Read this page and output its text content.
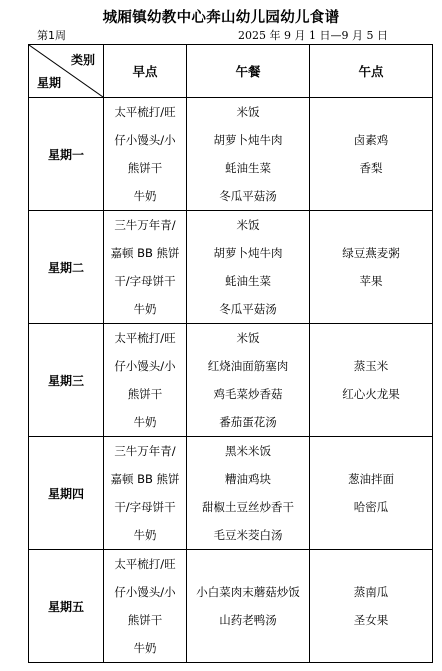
城厢镇幼教中心奔山幼儿园幼儿食谱
第1周	2025 年 9 月 1 日—9 月 5 日
类别
星期	早点	午餐	午点
星期一	太平梳打/旺
仔小馒头/小
熊饼干
牛奶	米饭
胡萝卜炖牛肉
蚝油生菜
冬瓜平菇汤	卤素鸡
香梨

星期二	三牛万年青/
嘉顿 BB 熊饼
干/字母饼干
牛奶	米饭
胡萝卜炖牛肉
蚝油生菜
冬瓜平菇汤	绿豆燕麦粥
苹果

星期三	太平梳打/旺
仔小馒头/小
熊饼干
牛奶	米饭
红烧油面筋塞肉
鸡毛菜炒香菇
番茄蛋花汤	蒸玉米
红心火龙果

星期四	三牛万年青/
嘉顿 BB 熊饼
干/字母饼干
牛奶	黑米米饭
糟油鸡块
甜椒土豆丝炒香干
毛豆米茭白汤	葱油拌面
哈密瓜

星期五	太平梳打/旺
仔小馒头/小
熊饼干
牛奶	小白菜肉末蘑菇炒饭
山药老鸭汤	蒸南瓜
圣女果
